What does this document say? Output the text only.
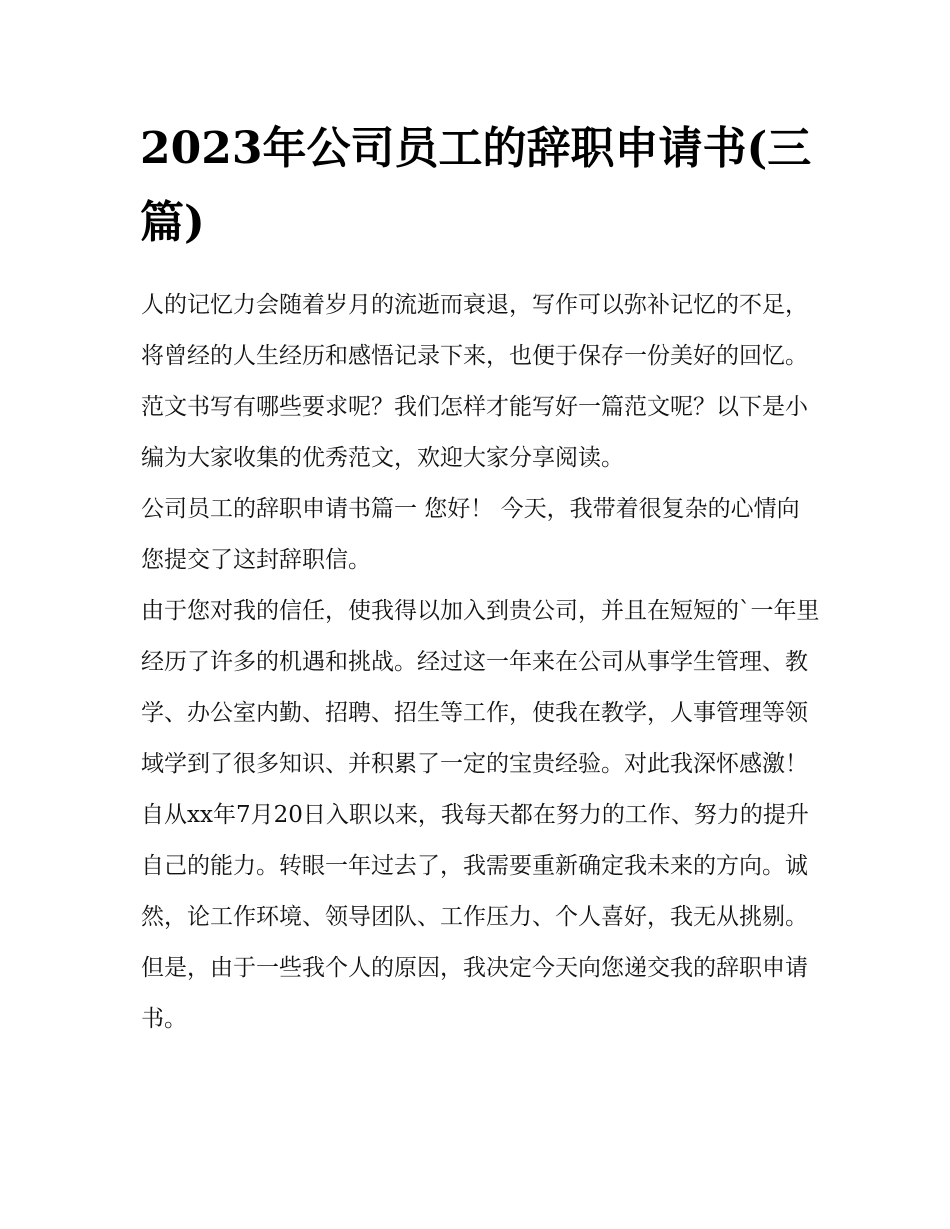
2023年公司员工的辞职申请书(三篇)

人的记忆力会随着岁月的流逝而衰退，写作可以弥补记忆的不足，将曾经的人生经历和感悟记录下来，也便于保存一份美好的回忆。范文书写有哪些要求呢？我们怎样才能写好一篇范文呢？以下是小编为大家收集的优秀范文，欢迎大家分享阅读。

公司员工的辞职申请书篇一 您好！ 今天，我带着很复杂的心情向您提交了这封辞职信。

由于您对我的信任，使我得以加入到贵公司，并且在短短的`一年里经历了许多的机遇和挑战。经过这一年来在公司从事学生管理、教学、办公室内勤、招聘、招生等工作，使我在教学，人事管理等领域学到了很多知识、并积累了一定的宝贵经验。对此我深怀感激！

自从xx年7月20日入职以来，我每天都在努力的工作、努力的提升自己的能力。转眼一年过去了，我需要重新确定我未来的方向。诚然，论工作环境、领导团队、工作压力、个人喜好，我无从挑剔。但是，由于一些我个人的原因，我决定今天向您递交我的辞职申请书。
